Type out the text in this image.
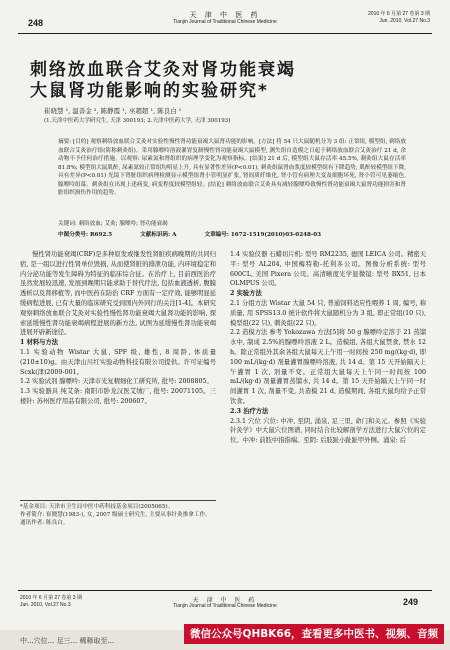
248
天 津 中 医 药
Tianjin Journal of Traditional Chinese Medicine
2010 年 6 月第 27 卷第 3 期
Jun. 2010, Vol.27 No.3
刺络放血联合艾灸对肾功能衰竭
大鼠肾功能影响的实验研究*
崔晓慧 ¹, 温善金 ², 陈静霞 ¹, 巫超超 ¹, 陈良白 ¹
(1.天津中医药大学研究生, 天津 300193; 2.天津中医药大学, 天津 300193)
摘要: [目的] 观察刺络放血联合艾灸对实验性慢性肾功能衰竭大鼠肾功能的影响。[方法] 将 54 只大鼠随机分为 3 组: 正常组, 模型组, 刺络放血联合艾灸治疗组(简称刺灸组)。采用腺嘌呤溶液灌胃复制慢性肾功能衰竭大鼠模型, 测失组自造模之日起于刺络放血联合艾灸治疗 21 d, 余动物不予任何治疗措施。以观察: 尿素氮和肾组织的病理学变化为观察指标。[结果] 21 d 后, 模型组大鼠存活率 45.5%, 刺灸组大鼠存活率 81.8%; 模型组大鼠肌酐, 尿素氮较正常组均明显上升, 具有显著性差异(P<0.01), 刺灸组鼠肾血浆度较模型组有下降趋势, 肌酐较模型组下降, 具有差异(P<0.01) 光镜下肾脏组织病理检测显示模型组肾小管明显扩张, 肾间质纤维化, 肾小管有病理大变及细胞坏死, 肾小管可见萎缩色, 腺嘌呤组幕。刺灸组在出现上述病变, 病变程度较模型组轻。[结论] 刺络放血联合艾灸具有减轻腺嘌呤致慢性肾功能衰竭大鼠肾功能损害和肾脏组织损伤作用的趋势。
关键词: 刺络放血; 艾灸; 腺嘌呤; 肾功能衰竭
中图分类号: R692.5	文献标识码: A	文章编号: 1672-1519(2010)03-0248-03

慢性肾功能衰竭(CRF)是多种原发或继发性肾脏疾病晚期的共同归宿, 是一组以进行性肾单位毁损, 从而使肾脏的排泄功能, 内环境稳定和内分泌功能等发生障碍为特征的临床综合征。在治疗上, 目前西医治疗虽然发展较迅速, 发展到晚期只能求助于替代疗法, 包括血液透析, 腹膜透析以及肾移植等, 而中医药在防治 CRF 方面有一定疗效, 能够明显延缓病程进展, 已有大量的临床研究受到国内外同行的关注[1-4]。本研究观察刺络放血联合艾灸对实验性慢性肾功能衰竭大鼠肾功能的影响, 探索延缓慢性肾功能衰竭病程进展的新方法, 试图为延缓慢性肾功能衰竭进展开辟新途径。

1 材料与方法

1.1 实验动物 Wistar 大鼠, SPF 级, 雄性, 8 周龄, 体质量(210±10)g。由天津山川红实验动物科技有限公司提供。许可证编号 Scxk(津)2009-001。

1.2 实验试剂 腺嘌呤: 天津市光复精细化工研究所, 批号: 2008805。

1.3 实验器具 纯艾条: 南阳市卧龙汉医艾绒厂, 批号: 20071105。三棱针: 苏州医疗用品有限公司, 批号: 200607。

*基金项目: 天津市卫生局中医中药科技基金项目(2005065)。
作者简介: 崔晓慧(1983-), 女, 2007 级硕士研究生, 主要从事针灸推拿工作。
通讯作者: 陈良白。

1.4 实验仪器 石蜡切片机: 型号 RM2235, 德国 LEICA 公司。精密天平: 型号 AL204, 中国梅特勒-托利多公司。图像分析系统: 型号 600CL, 美国 Pixera 公司。高清晰度光学显微镜: 型号 BX51, 日本 OLMPUS 公司。

2 实验方法

2.1 分组方法 Wistar 大鼠 54 只, 普通饲料适应性喂养 1 周, 编号, 称质量, 用 SPSS13.0 统计软件将大鼠随机分为 3 组, 即正常组(10 只), 模型组(22 只), 刺灸组(22 只)。

2.2 造模方法 参考 Yokozawa 方法[5]将 50 g 腺嘌呤定溶于 21 蒸馏水中, 制成 2.5%的腺嘌呤溶液 2 L。造模组, 各组大鼠禁食, 禁水 12 h。除正常组外其余各组大鼠每天上午用一时间按 250 mg/(kg·d), 即 100 mL/(kg·d) 剂量灌胃腺嘌呤溶液, 共 14 d。第 15 天开始隔天上午灌胃 1 次, 剂量不变。正常组大鼠每天上午同一时间按 100 mL/(kg·d) 剂量灌胃蒸馏水, 共 14 d。第 15 天开始隔天上午同一时间灌胃 1 次, 剂量不变, 共造模 21 d, 造模期间, 各组大鼠均给予正常饮食。

2.3 治疗方法

2.3.1 穴位 穴位: 中冲, 至阴, 涌泉, 足三里, 命门和关元。参照《实验针灸学》中大鼠穴位图谱, 同时结合比较解剖学方法进行大鼠穴位的定位。中冲: 前肢中指指端。至阴: 后肢趾小趾趾甲外侧。涌泉: 后

2010 年 6 月第 27 卷第 3 期
Jun. 2010, Vol.27 No.3
天 津 中 医 药
Tianjin Journal of Traditional Chinese Medicine	249
中...穴位... 足三... 稀释取至...
微信公众号QHBK66，查看更多中医书、视频、音频
